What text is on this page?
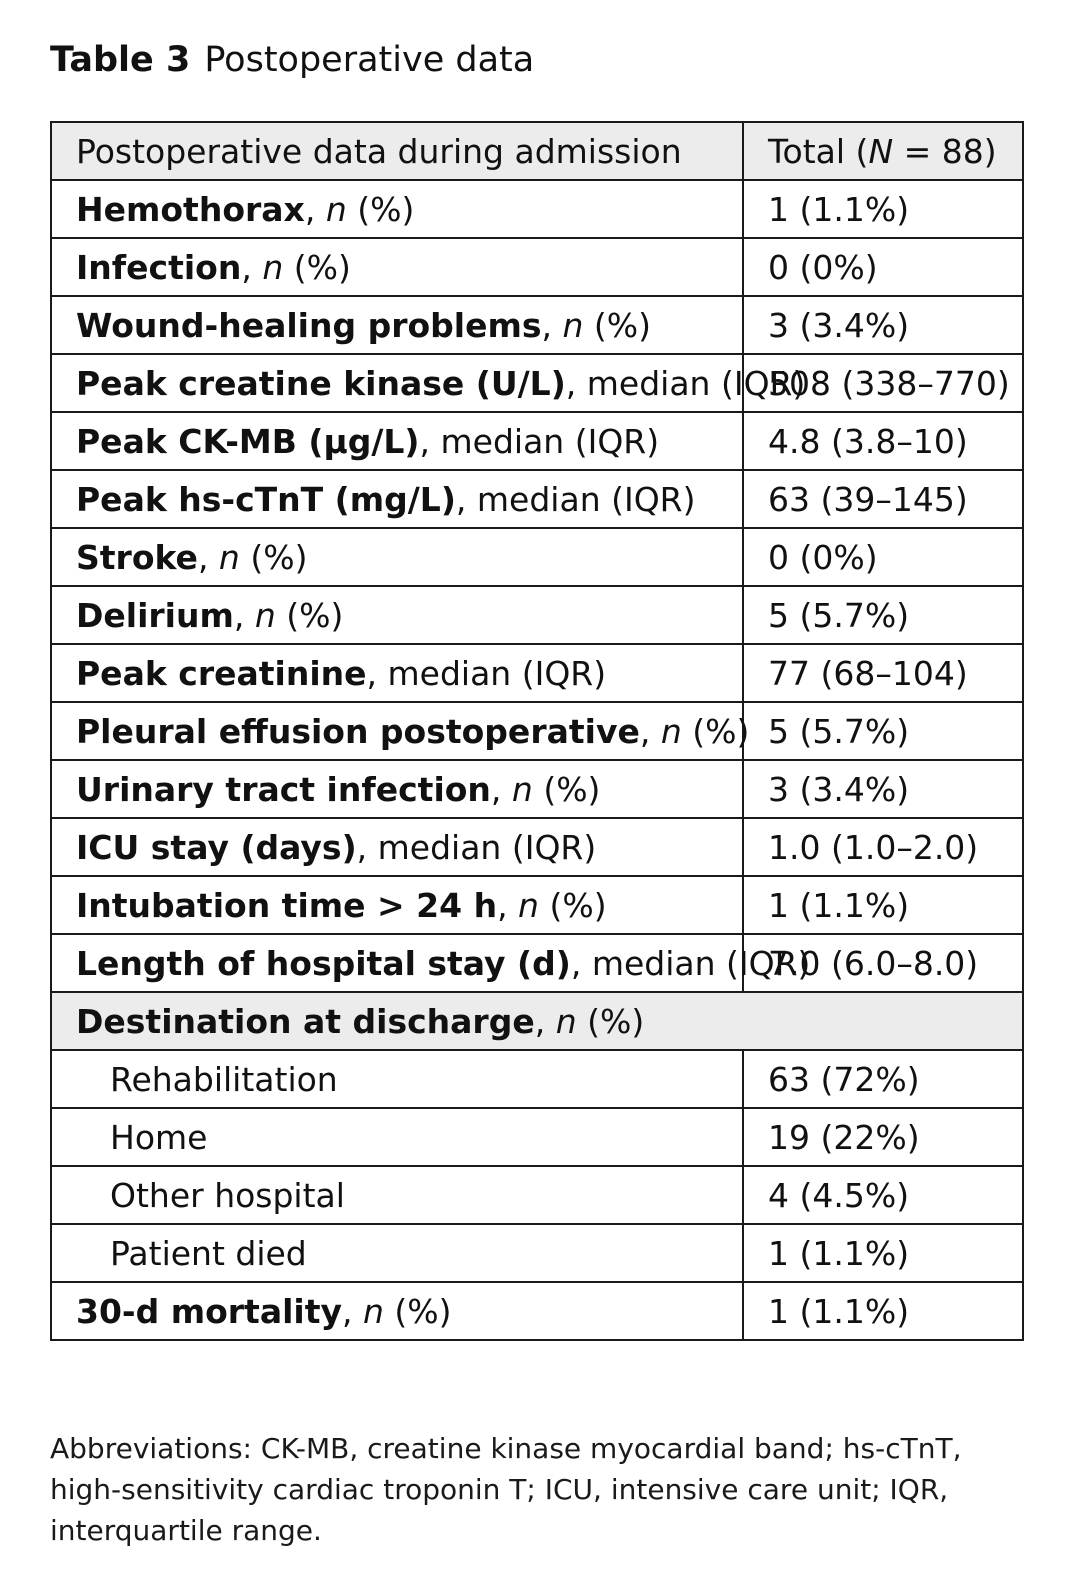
Table 3 Postoperative data
Postoperative data during admission	Total (N = 88)
Hemothorax, n (%)	1 (1.1%)
Infection, n (%)	0 (0%)
Wound-healing problems, n (%)	3 (3.4%)
Peak creatine kinase (U/L), median (IQR)	508 (338–770)
Peak CK-MB (µg/L), median (IQR)	4.8 (3.8–10)
Peak hs-cTnT (mg/L), median (IQR)	63 (39–145)
Stroke, n (%)	0 (0%)
Delirium, n (%)	5 (5.7%)
Peak creatinine, median (IQR)	77 (68–104)
Pleural effusion postoperative, n (%)	5 (5.7%)
Urinary tract infection, n (%)	3 (3.4%)
ICU stay (days), median (IQR)	1.0 (1.0–2.0)
Intubation time > 24 h, n (%)	1 (1.1%)
Length of hospital stay (d), median (IQR)	7.0 (6.0–8.0)
Destination at discharge, n (%)	
Rehabilitation	63 (72%)
Home	19 (22%)
Other hospital	4 (4.5%)
Patient died	1 (1.1%)
30-d mortality, n (%)	1 (1.1%)
Abbreviations: CK-MB, creatine kinase myocardial band; hs-cTnT, high-sensitivity cardiac troponin T; ICU, intensive care unit; IQR, interquartile range.
